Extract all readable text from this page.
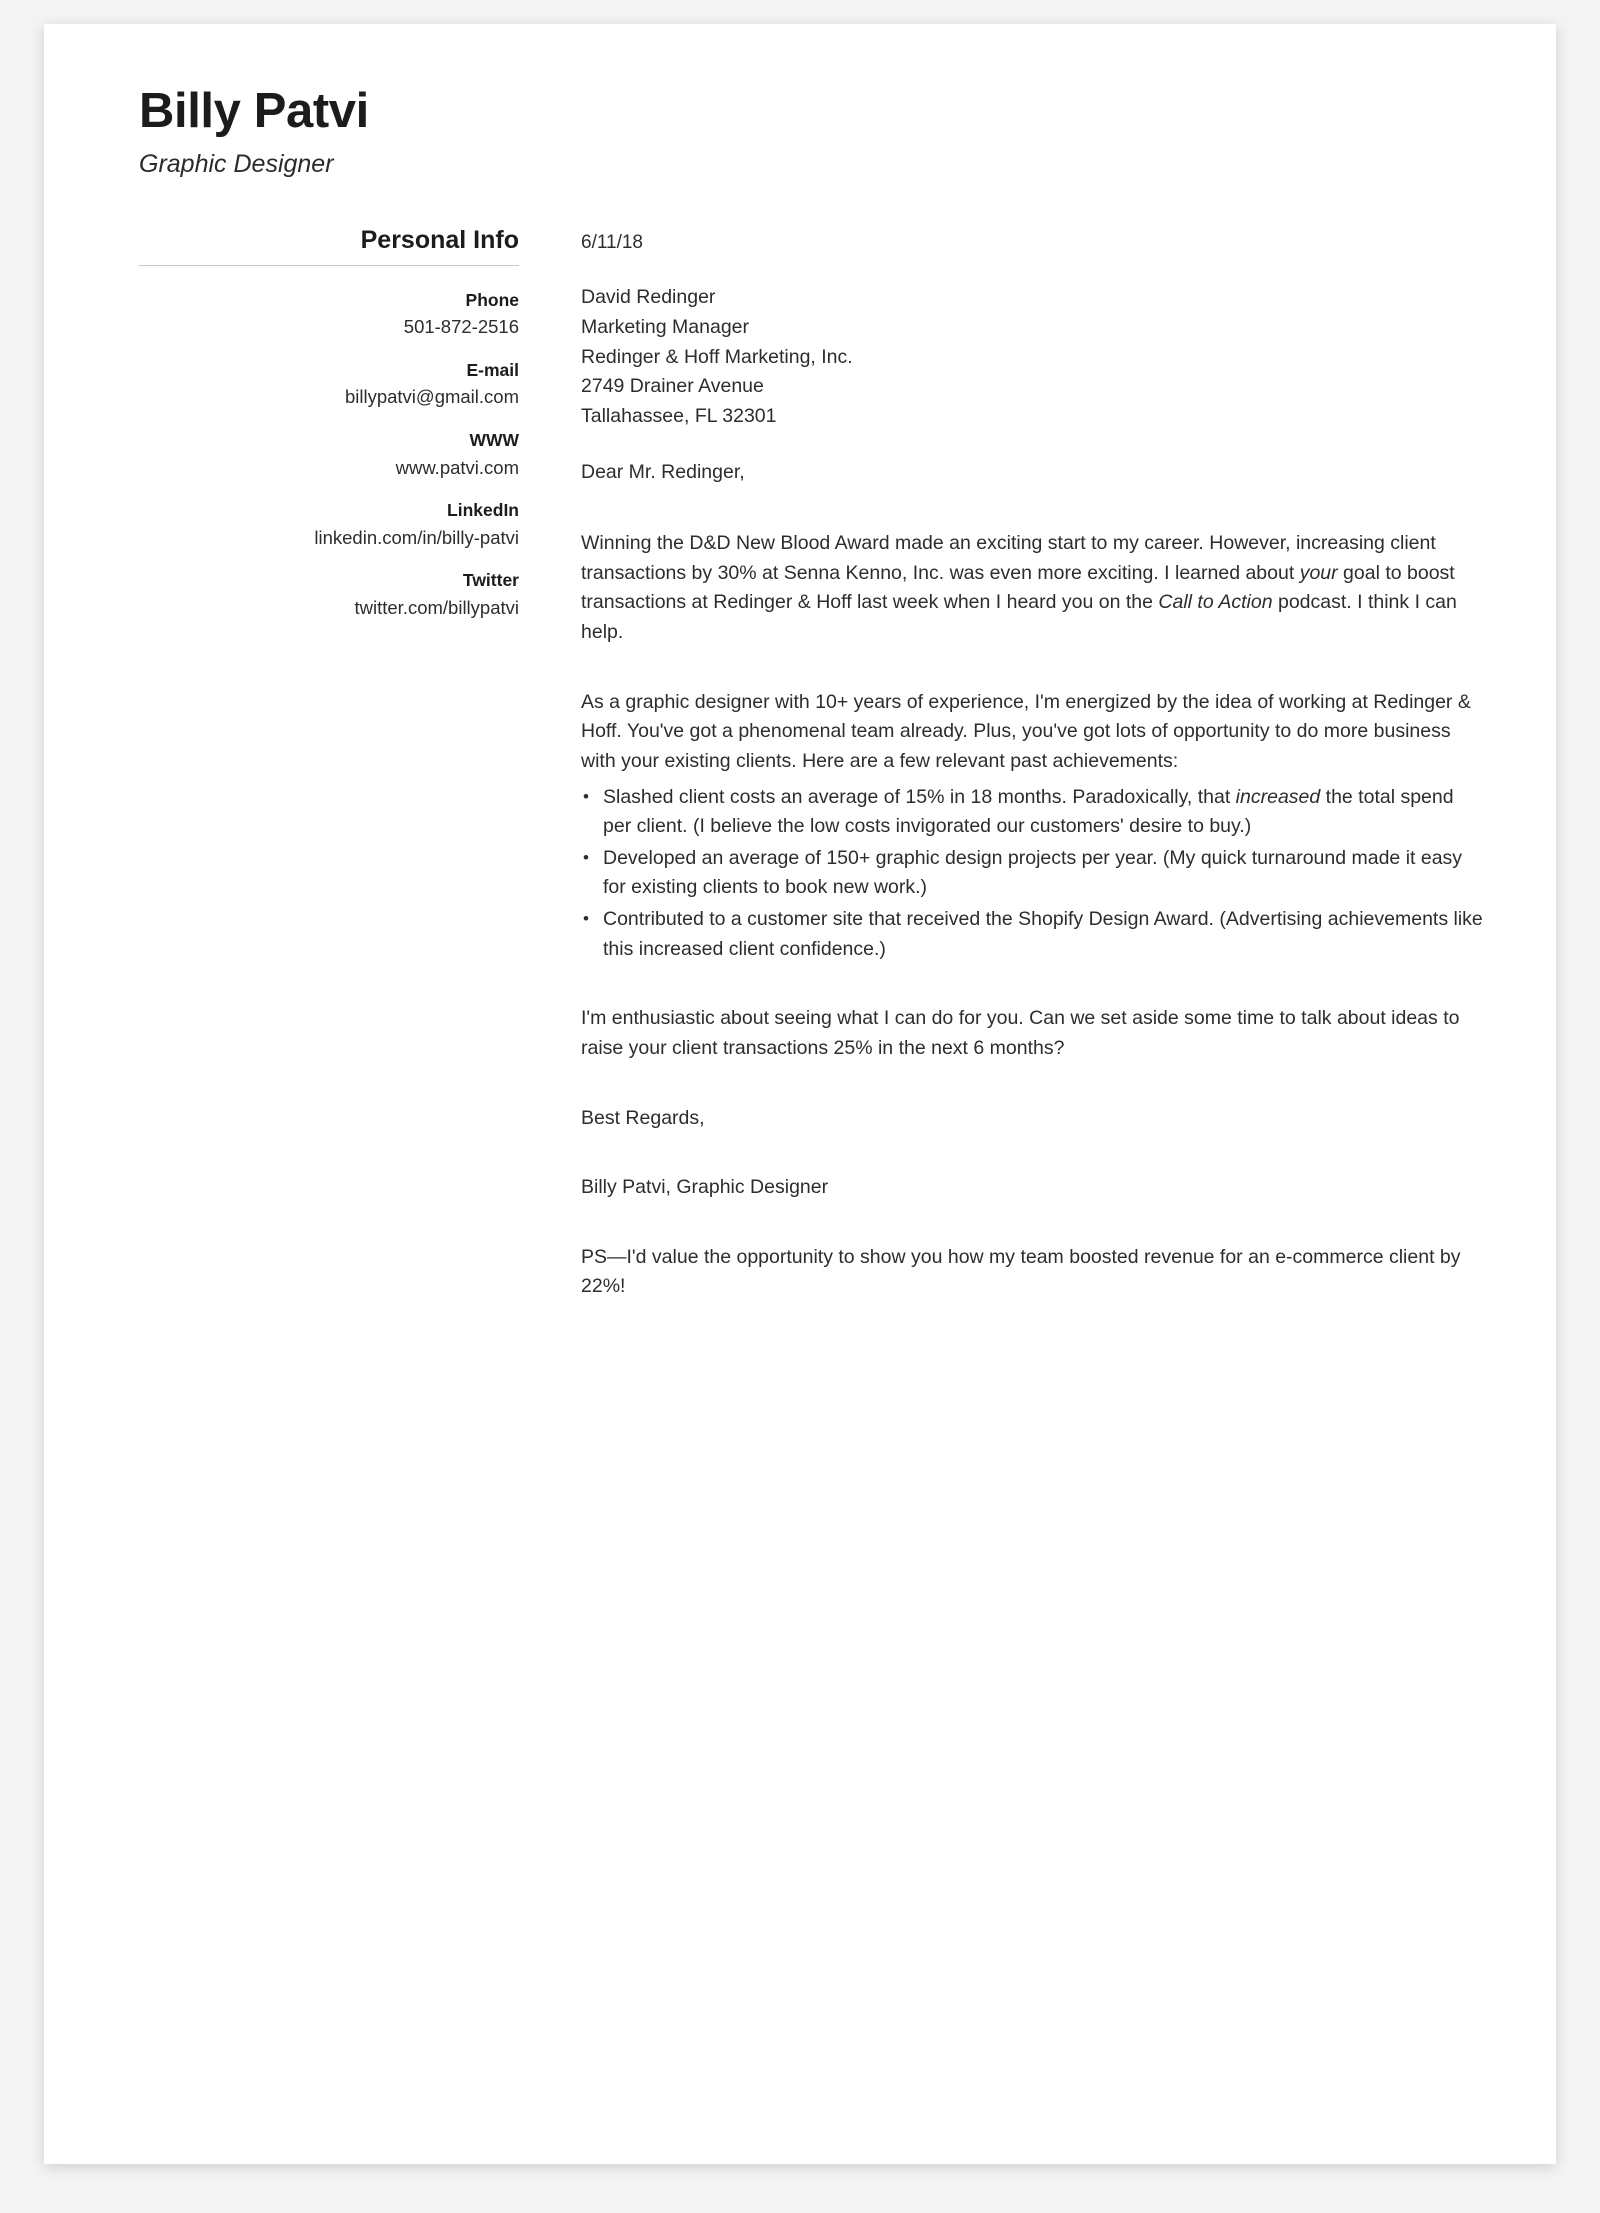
Billy Patvi
Graphic Designer
Personal Info
Phone
501-872-2516
E-mail
billypatvi@gmail.com
WWW
www.patvi.com
LinkedIn
linkedin.com/in/billy-patvi
Twitter
twitter.com/billypatvi
6/11/18
David Redinger
Marketing Manager
Redinger & Hoff Marketing, Inc.
2749 Drainer Avenue
Tallahassee, FL 32301
Dear Mr. Redinger,

Winning the D&D New Blood Award made an exciting start to my career. However, increasing client transactions by 30% at Senna Kenno, Inc. was even more exciting. I learned about your goal to boost transactions at Redinger & Hoff last week when I heard you on the Call to Action podcast. I think I can help.

As a graphic designer with 10+ years of experience, I'm energized by the idea of working at Redinger & Hoff. You've got a phenomenal team already. Plus, you've got lots of opportunity to do more business with your existing clients. Here are a few relevant past achievements:

• Slashed client costs an average of 15% in 18 months. Paradoxically, that increased the total spend per client. (I believe the low costs invigorated our customers' desire to buy.)
• Developed an average of 150+ graphic design projects per year. (My quick turnaround made it easy for existing clients to book new work.)
• Contributed to a customer site that received the Shopify Design Award. (Advertising achievements like this increased client confidence.)

I'm enthusiastic about seeing what I can do for you. Can we set aside some time to talk about ideas to raise your client transactions 25% in the next 6 months?

Best Regards,
Billy Patvi, Graphic Designer

PS—I'd value the opportunity to show you how my team boosted revenue for an e-commerce client by 22%!
